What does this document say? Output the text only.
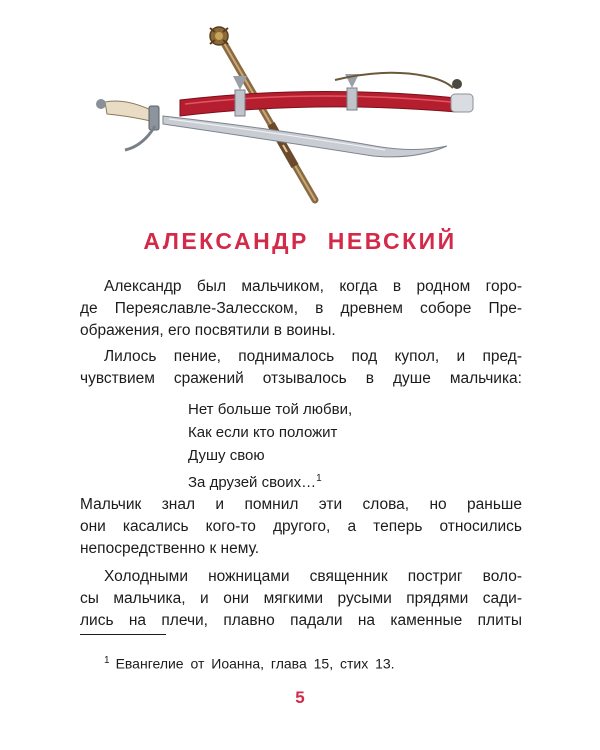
АЛЕКСАНДР НЕВСКИЙ
Александр был мальчиком, когда в родном горо-
де Переяславле-Залесском, в древнем соборе Пре-
ображения, его посвятили в воины.
Лилось пение, поднималось под купол, и пред-
чувствием сражений отзывалось в душе мальчика:
Нет больше той любви,
Как если кто положит
Душу свою
За друзей своих…$^1$
Мальчик знал и помнил эти слова, но раньше
они касались кого-то другого, а теперь относились
непосредственно к нему.
Холодными ножницами священник постриг воло-
сы мальчика, и они мягкими русыми прядями сади-
лись на плечи, плавно падали на каменные плиты
$^1$ Евангелие от Иоанна, глава 15, стих 13.
5
